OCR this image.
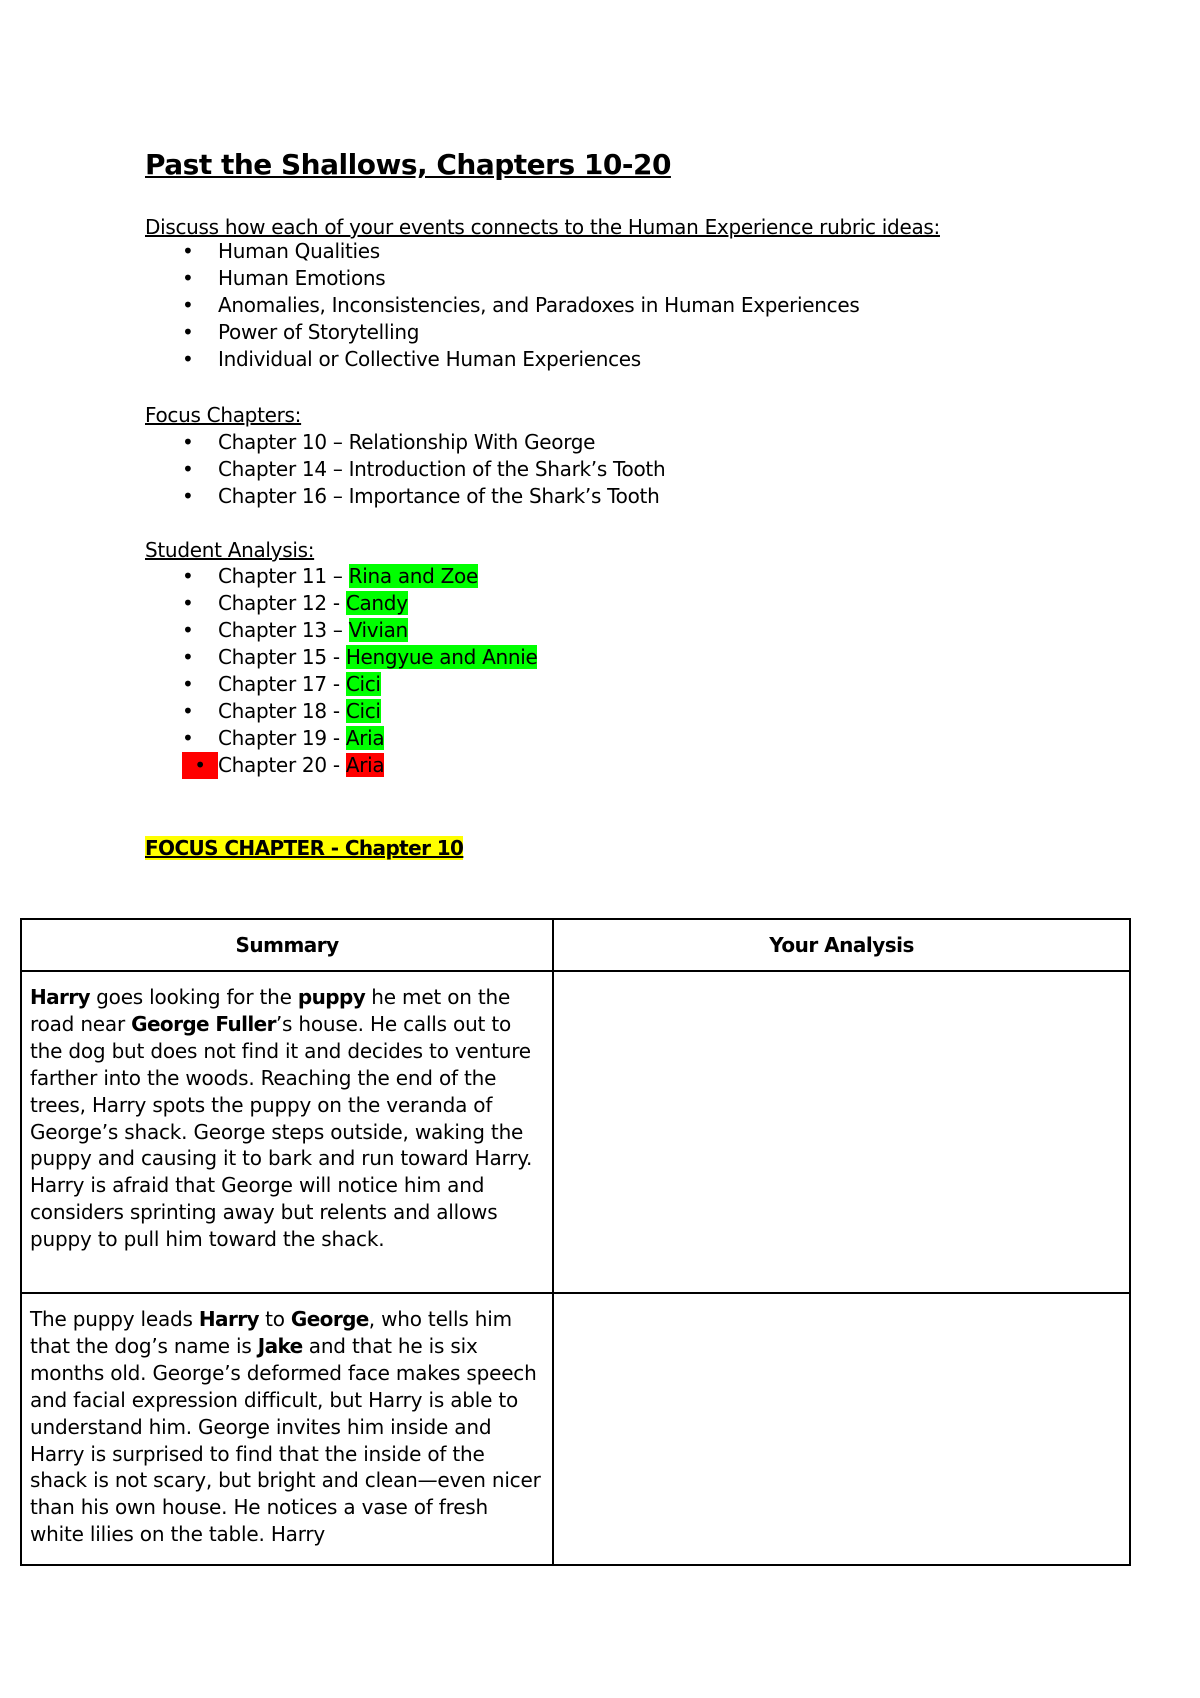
Past the Shallows, Chapters 10-20

Discuss how each of your events connects to the Human Experience rubric ideas:

• Human Qualities
• Human Emotions
• Anomalies, Inconsistencies, and Paradoxes in Human Experiences
• Power of Storytelling
• Individual or Collective Human Experiences

Focus Chapters:

• Chapter 10 – Relationship With George
• Chapter 14 – Introduction of the Shark’s Tooth
• Chapter 16 – Importance of the Shark’s Tooth

Student Analysis:

• Chapter 11 – Rina and Zoe
• Chapter 12 - Candy
• Chapter 13 – Vivian
• Chapter 15 - Hengyue and Annie
• Chapter 17 - Cici
• Chapter 18 - Cici
• Chapter 19 - Aria
• Chapter 20 - Aria

FOCUS CHAPTER - Chapter 10

Summary	Your Analysis
Harry goes looking for the puppy he met on the road near George Fuller’s house. He calls out to the dog but does not find it and decides to venture farther into the woods. Reaching the end of the trees, Harry spots the puppy on the veranda of George’s shack. George steps outside, waking the puppy and causing it to bark and run toward Harry. Harry is afraid that George will notice him and considers sprinting away but relents and allows puppy to pull him toward the shack.	
The puppy leads Harry to George, who tells him that the dog’s name is Jake and that he is six months old. George’s deformed face makes speech and facial expression difficult, but Harry is able to understand him. George invites him inside and Harry is surprised to find that the inside of the shack is not scary, but bright and clean—even nicer than his own house. He notices a vase of fresh white lilies on the table. Harry	
